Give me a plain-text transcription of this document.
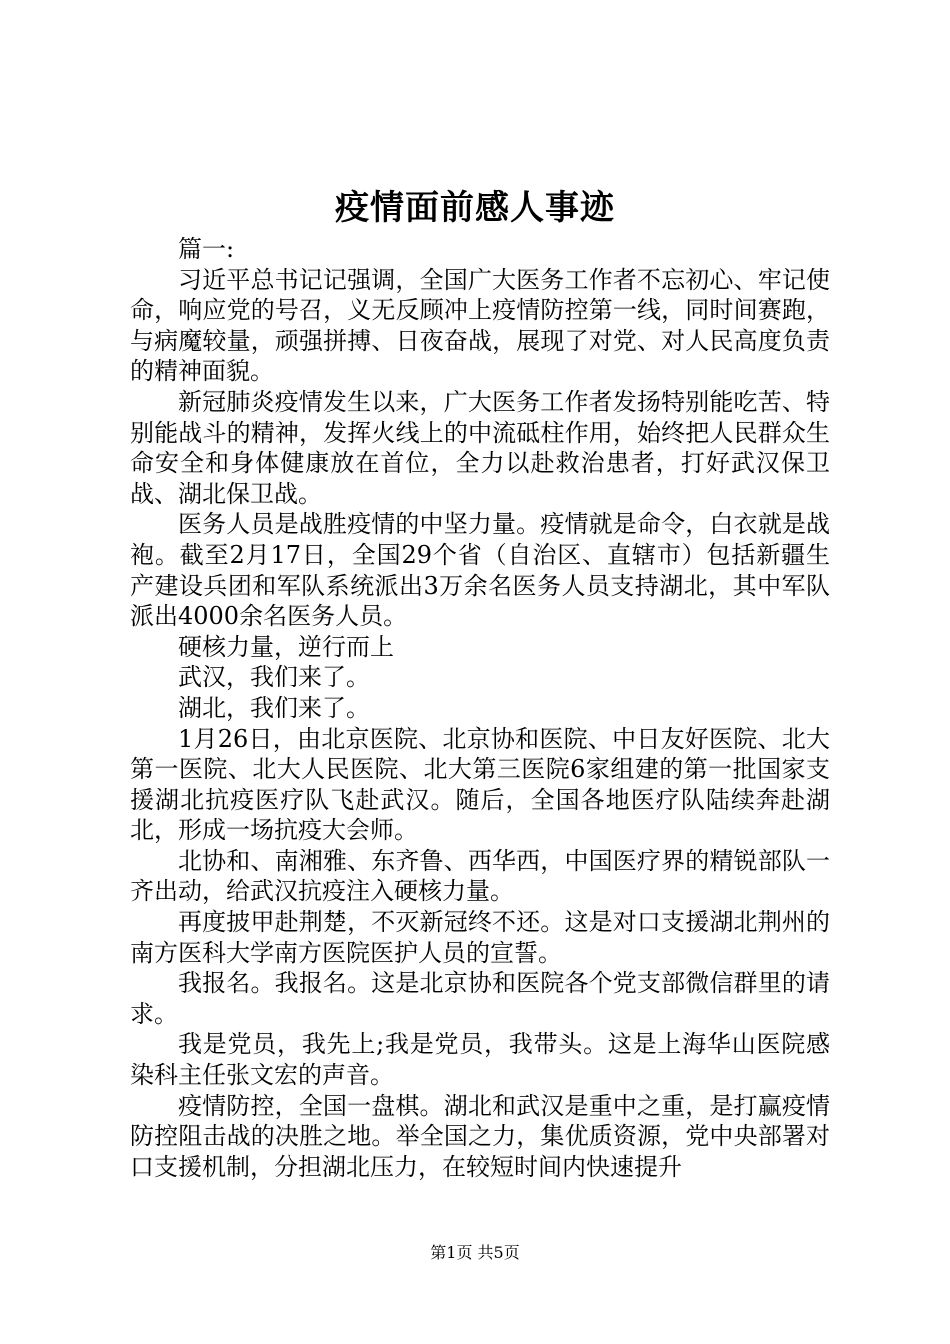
疫情面前感人事迹

篇一:

习近平总书记记强调，全国广大医务工作者不忘初心、牢记使命，响应党的号召，义无反顾冲上疫情防控第一线，同时间赛跑，与病魔较量，顽强拼搏、日夜奋战，展现了对党、对人民高度负责的精神面貌。

新冠肺炎疫情发生以来，广大医务工作者发扬特别能吃苦、特别能战斗的精神，发挥火线上的中流砥柱作用，始终把人民群众生命安全和身体健康放在首位，全力以赴救治患者，打好武汉保卫战、湖北保卫战。

医务人员是战胜疫情的中坚力量。疫情就是命令，白衣就是战袍。截至2月17日，全国29个省（自治区、直辖市）包括新疆生产建设兵团和军队系统派出3万余名医务人员支持湖北，其中军队派出4000余名医务人员。

硬核力量，逆行而上

武汉，我们来了。

湖北，我们来了。

1月26日，由北京医院、北京协和医院、中日友好医院、北大第一医院、北大人民医院、北大第三医院6家组建的第一批国家支援湖北抗疫医疗队飞赴武汉。随后，全国各地医疗队陆续奔赴湖北，形成一场抗疫大会师。

北协和、南湘雅、东齐鲁、西华西，中国医疗界的精锐部队一齐出动，给武汉抗疫注入硬核力量。

再度披甲赴荆楚，不灭新冠终不还。这是对口支援湖北荆州的南方医科大学南方医院医护人员的宣誓。

我报名。我报名。这是北京协和医院各个党支部微信群里的请求。

我是党员，我先上;我是党员，我带头。这是上海华山医院感染科主任张文宏的声音。

疫情防控，全国一盘棋。湖北和武汉是重中之重，是打赢疫情防控阻击战的决胜之地。举全国之力，集优质资源，党中央部署对口支援机制，分担湖北压力，在较短时间内快速提升

第1页 共5页
